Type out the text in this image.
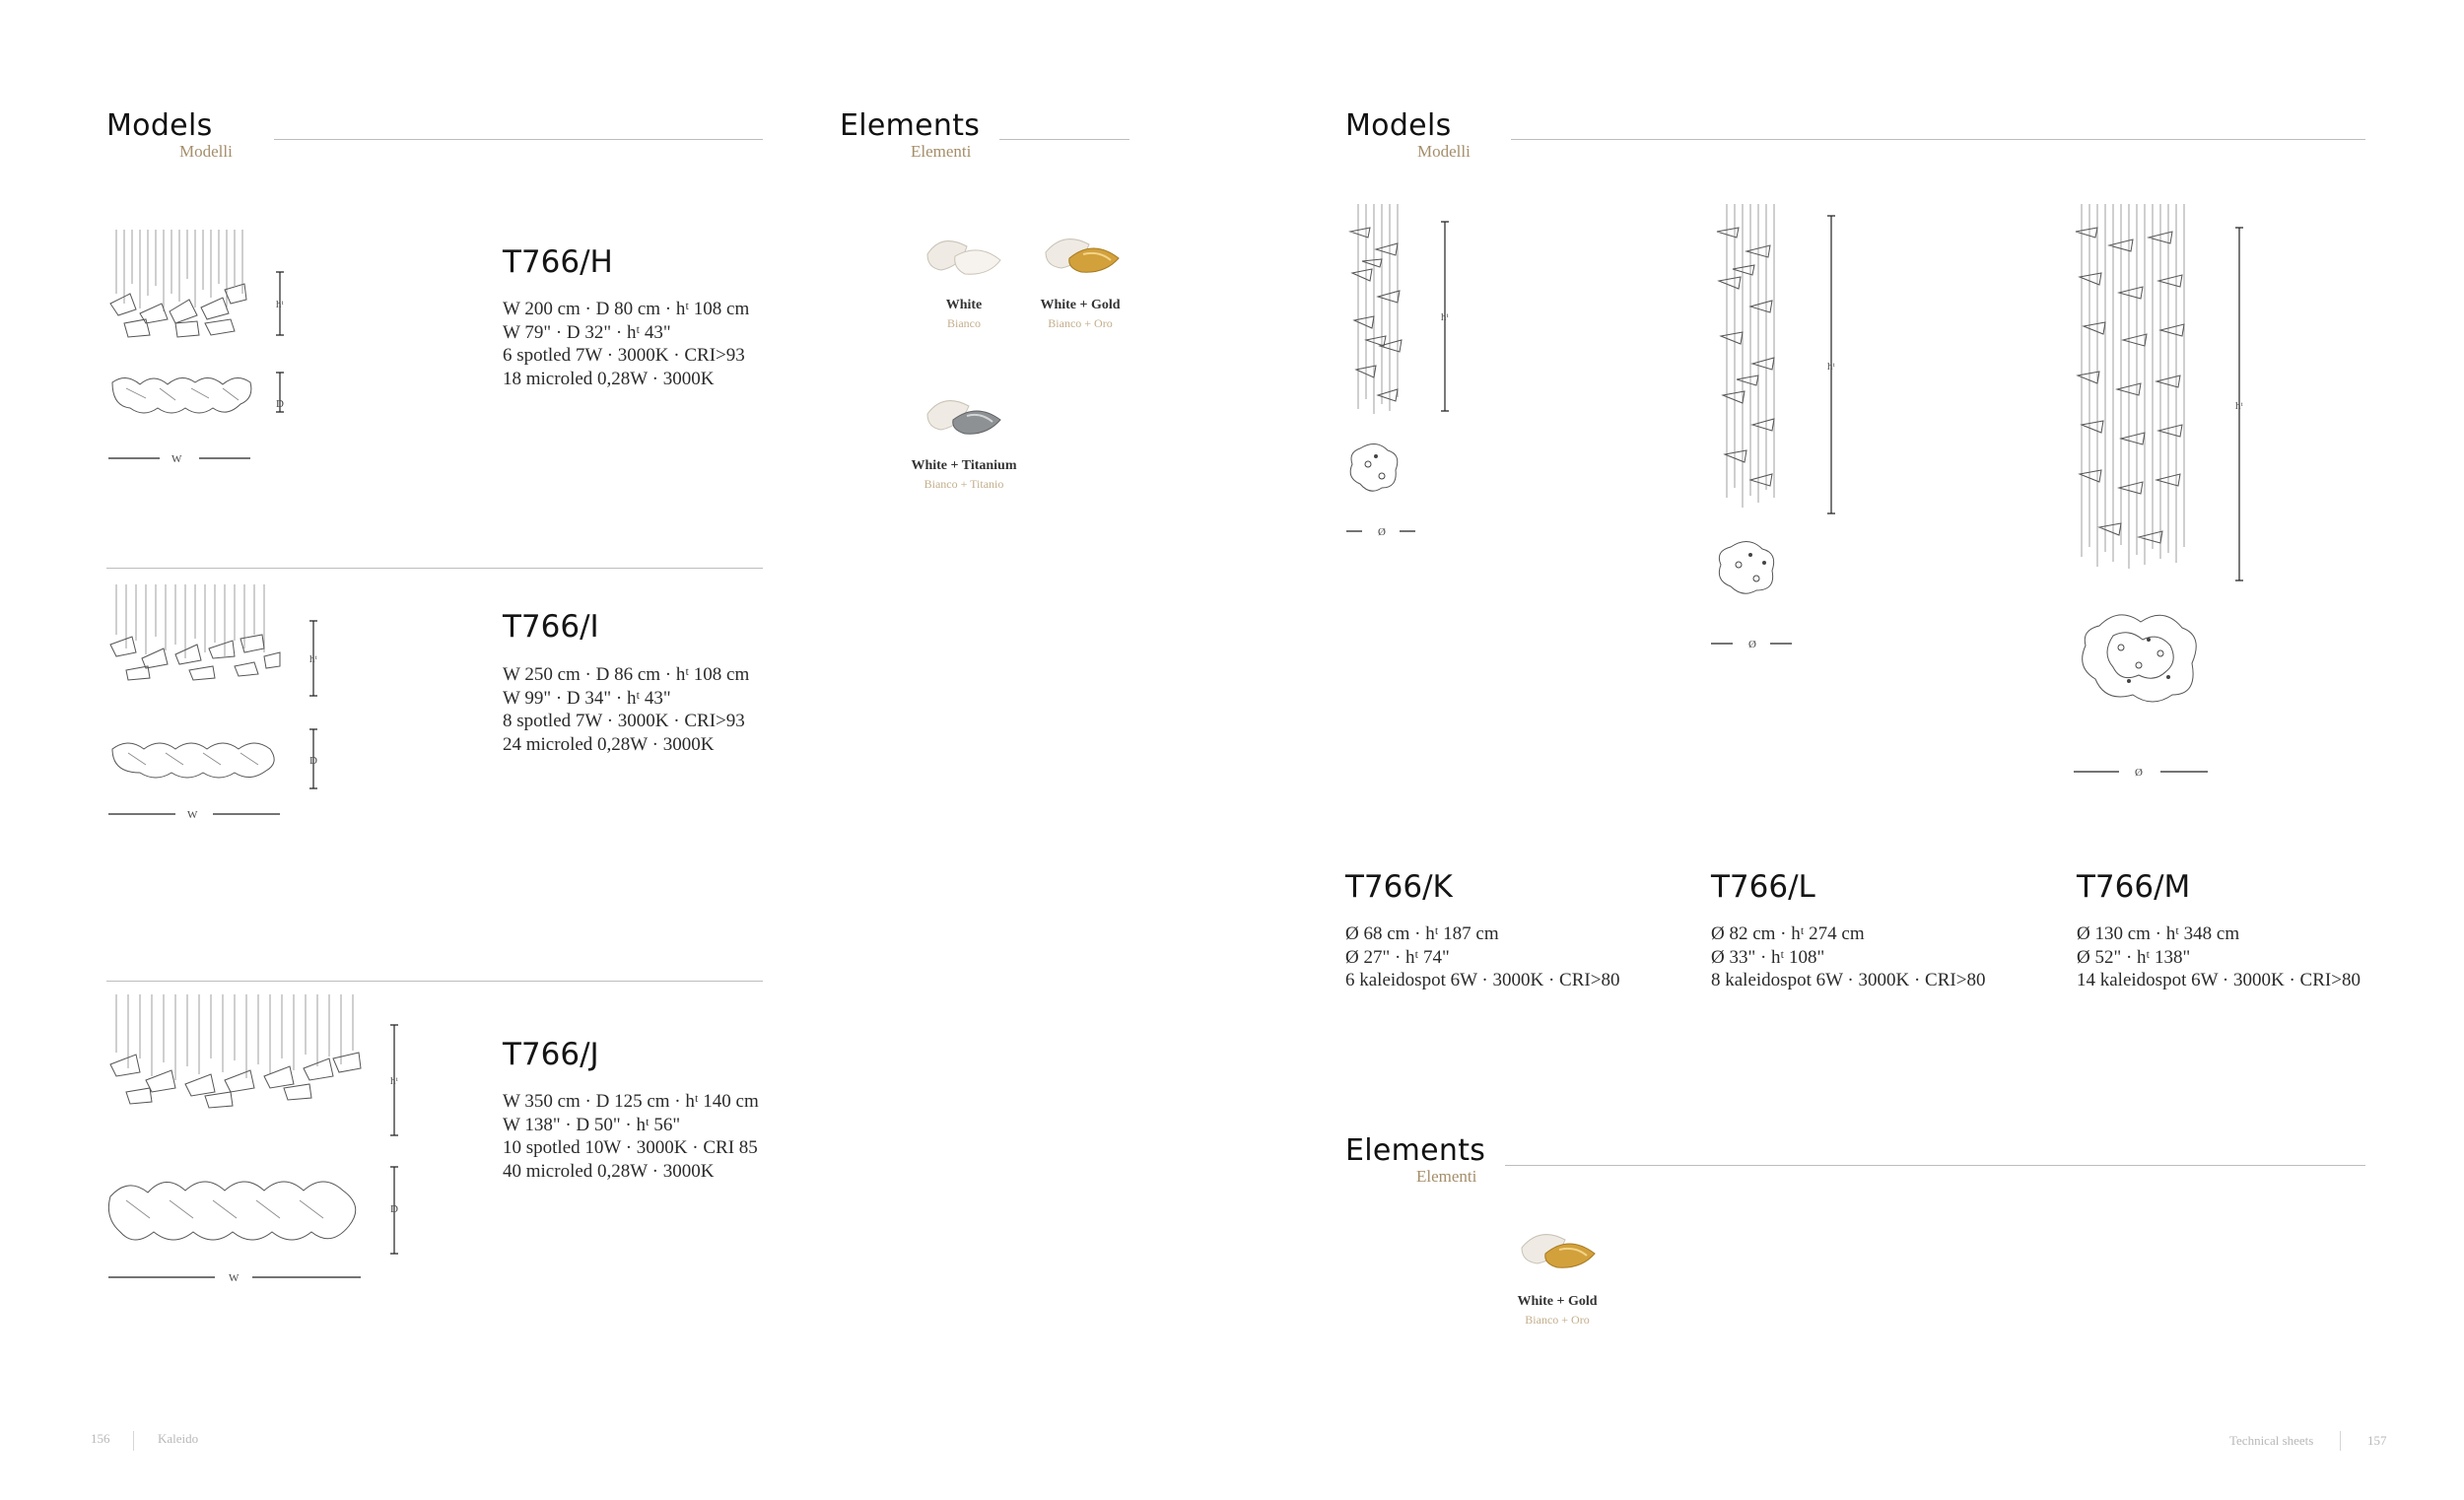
Models
Modelli
Elements
Elementi
hᵗ
D
W
T766/H
W 200 cm · D 80 cm · hᵗ 108 cm
W 79" · D 32" · hᵗ 43"
6 spotled 7W · 3000K · CRI>93
18 microled 0,28W · 3000K
hᵗ
D
W
T766/I
W 250 cm · D 86 cm · hᵗ 108 cm
W 99" · D 34" · hᵗ 43"
8 spotled 7W · 3000K · CRI>93
24 microled 0,28W · 3000K
hᵗ
D
W
T766/J
W 350 cm · D 125 cm · hᵗ 140 cm
W 138" · D 50" · hᵗ 56"
10 spotled 10W · 3000K · CRI 85
40 microled 0,28W · 3000K
White
Bianco
White + Gold
Bianco + Oro
White + Titanium
Bianco + Titanio
156	Kaleido
Models
Modelli
hᵗ
Ø
hᵗ
Ø
hᵗ
Ø
T766/K
Ø 68 cm · hᵗ 187 cm
Ø 27" · hᵗ 74"
6 kaleidospot 6W · 3000K · CRI>80
T766/L
Ø 82 cm · hᵗ 274 cm
Ø 33" · hᵗ 108"
8 kaleidospot 6W · 3000K · CRI>80
T766/M
Ø 130 cm · hᵗ 348 cm
Ø 52" · hᵗ 138"
14 kaleidospot 6W · 3000K · CRI>80
Elements
Elementi
White + Gold
Bianco + Oro
Technical sheets	157
